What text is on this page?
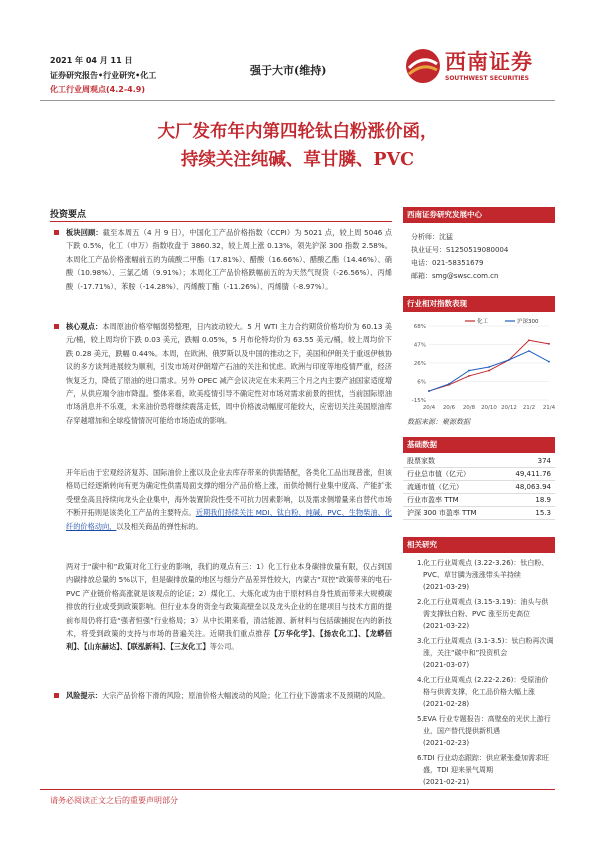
2021 年 04 月 11 日
证券研究报告•行业研究•化工
化工行业周观点(4.2-4.9)
强于大市(维持)	西南证券
SOUTHWEST SECURITIES
大厂发布年内第四轮钛白粉涨价函，
持续关注纯碱、草甘膦、PVC
投资要点
板块回顾：截至本周五（4 月 9 日），中国化工产品价格指数（CCPI）为 5021 点，较上周 5046 点下跌 0.5%，化工（申万）指数收盘于 3860.32，较上周上涨 0.13%，领先沪深 300 指数 2.58%。本周化工产品价格涨幅前五的为硫酸二甲酯（17.81%）、醋酸（16.66%）、醋酸乙酯（14.46%）、硝酸（10.98%）、三氯乙烯（9.91%）；本周化工产品价格跌幅前五的为天然气现货（-26.56%）、丙烯酸（-17.71%）、苯胺（-14.28%）、丙烯酸丁酯（-11.26%）、丙烯腈（-8.97%）。
核心观点：本周原油价格窄幅弱势整理，日内波动较大。5 月 WTI 主力合约期货价格均价为 60.13 美元/桶，较上周均价下跌 0.03 美元，跌幅 0.05%，5 月布伦特均价为 63.55 美元/桶，较上周均价下跌 0.28 美元，跌幅 0.44%。本周，在欧洲、俄罗斯以及中国的推动之下，美国和伊朗关于重返伊核协议的多方谈判进展较为顺利，引发市场对伊朗增产石油的关注和忧虑。欧洲与印度等地疫情严重，经济恢复乏力，降低了原油的进口需求。另外 OPEC 减产会议决定在未来两三个月之内主要产油国家适度增产，从供应端令油市降温。整体来看，欧美疫情引导不确定性对市场对需求前景的担忧，当前国际原油市场消息并不乐观，未来油价恐将继续震荡走低，周中价格波动幅度可能较大，应密切关注美国原油库存穿越增加和全球疫情情况可能给市场造成的影响。
开年后由于宏观经济复苏、国际油价上涨以及企业去库存带来的供需错配，各类化工品出现普涨，但该格局已经逐渐转向有更为确定性供需局面支撑的细分产品价格上涨，而供给侧行业集中度高、产能扩张受壁垒高且持续向龙头企业集中，海外装置阶段性受不可抗力因素影响，以及需求侧增量来自替代市场不断开拓则是该类化工产品的主要特点。近期我们持续关注 MDI、钛白粉、纯碱、PVC、生物柴油、化纤的价格动向，以及相关商品的弹性标的。
两对于“碳中和”政策对化工行业的影响，我们的观点有三：1）化工行业本身碳排放量有限，仅占到国内碳排放总量的 5%以下，但是碳排放量的地区与细分产品差异性较大，内蒙古“双控”政策带来的电石-PVC 产业链价格高涨就是该观点的论证；2）煤化工、大炼化或为由于原材料自身性质而带来大规模碳排放的行业或受到政策影响。但行业本身的资金与政策高壁垒以及龙头企业的在建项目与技术方面的提前布局仍将打造“强者恒强”行业格局；3）从中长期来看，清洁能源、新材料与包括碳捕捉在内的新技术，将受到政策的支持与市场的普遍关注。近期我们重点推荐【万华化学】、【扬农化工】、【龙蟒佰利】、【山东赫达】、【联泓新科】、【三友化工】等公司。
风险提示：大宗产品价格下滑的风险；原油价格大幅波动的风险；化工行业下游需求不及预期的风险。
西南证券研究发展中心
分析师：沈猛
执业证号：S1250519080004
电话：021-58351679
邮箱：smg@swsc.com.cn
行业相对指数表现
68%
47%
26%
6%
-15%
20/4 20/6 20/8 20/10 20/12 21/2 21/4
化工	沪深300
数据来源：聚源数据
基础数据
股票家数	374
行业总市值（亿元）	49,411.76
流通市值（亿元）	48,063.94
行业市盈率 TTM	18.9
沪深 300 市盈率 TTM	15.3
相关研究
1. 化工行业周观点 (3.22-3.26)：钛白粉、PVC、草甘膦为涨涨带头羊持续
(2021-03-29)
2. 化工行业周观点 (3.15-3.19)：油头与供需支撑钛白粉、PVC 涨至历史高位
(2021-03-22)
3. 化工行业周观点 (3.1-3.5)：钛白粉再次调涨，关注“碳中和”投资机会
(2021-03-07)
4. 化工行业周观点 (2.22-2.26)：受原油价格与供需支撑，化工品价格大幅上涨
(2021-02-28)
5. EVA 行业专题报告：高壁垒的光伏上游行业，国产替代提供新机遇
(2021-02-23)
6. TDI 行业动态跟踪：供应紧张叠加需求旺盛，TDI 迎来景气周期
(2021-02-21)
请务必阅读正文之后的重要声明部分
